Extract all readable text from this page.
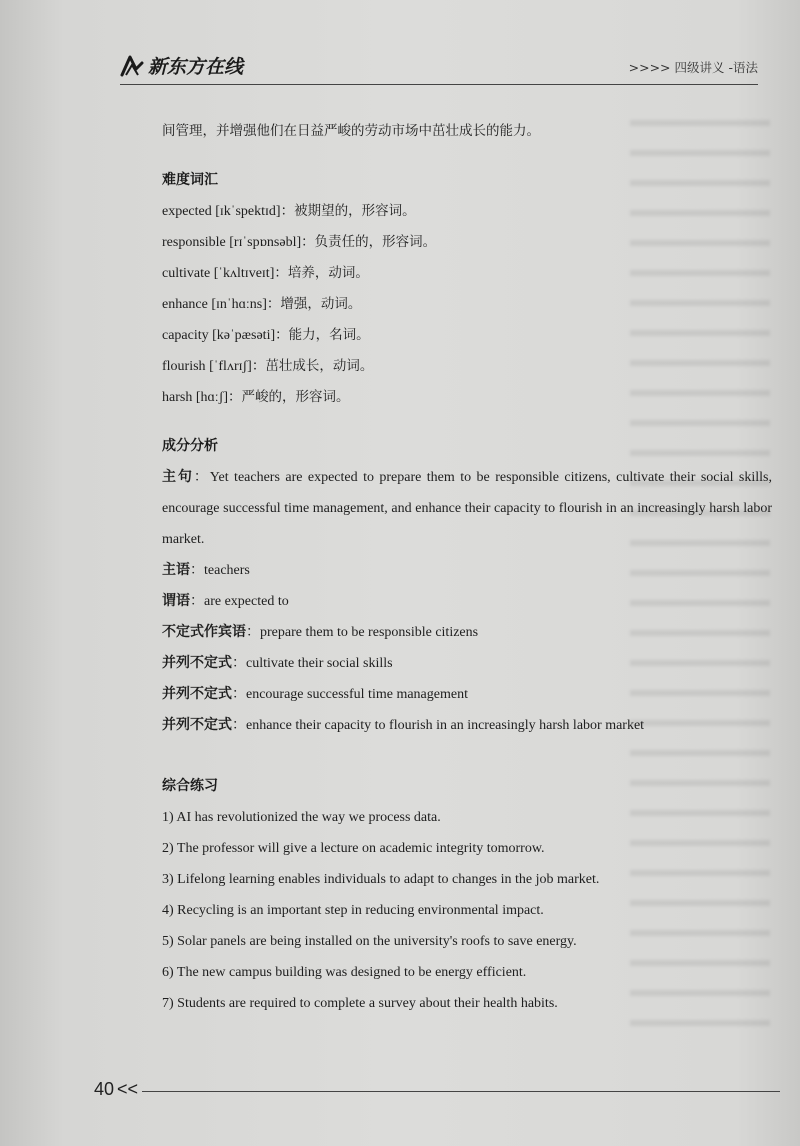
新东方在线	>>>> 四级讲义 -语法

间管理，并增强他们在日益严峻的劳动市场中茁壮成长的能力。

难度词汇

expected [ɪkˈspektɪd]：被期望的，形容词。

responsible [rɪˈspɒnsəbl]：负责任的，形容词。

cultivate [ˈkʌltɪveɪt]：培养，动词。

enhance [ɪnˈhɑːns]：增强，动词。

capacity [kəˈpæsəti]：能力，名词。

flourish [ˈflʌrɪʃ]：茁壮成长，动词。

harsh [hɑːʃ]：严峻的，形容词。

成分分析

主句：Yet teachers are expected to prepare them to be responsible citizens, cultivate their social skills, encourage successful time management, and enhance their capacity to flourish in an increasingly harsh labor market.

主语：teachers

谓语：are expected to

不定式作宾语：prepare them to be responsible citizens

并列不定式：cultivate their social skills

并列不定式：encourage successful time management

并列不定式：enhance their capacity to flourish in an increasingly harsh labor market

综合练习

1) AI has revolutionized the way we process data.

2) The professor will give a lecture on academic integrity tomorrow.

3) Lifelong learning enables individuals to adapt to changes in the job market.

4) Recycling is an important step in reducing environmental impact.

5) Solar panels are being installed on the university's roofs to save energy.

6) The new campus building was designed to be energy efficient.

7) Students are required to complete a survey about their health habits.

40 <<
